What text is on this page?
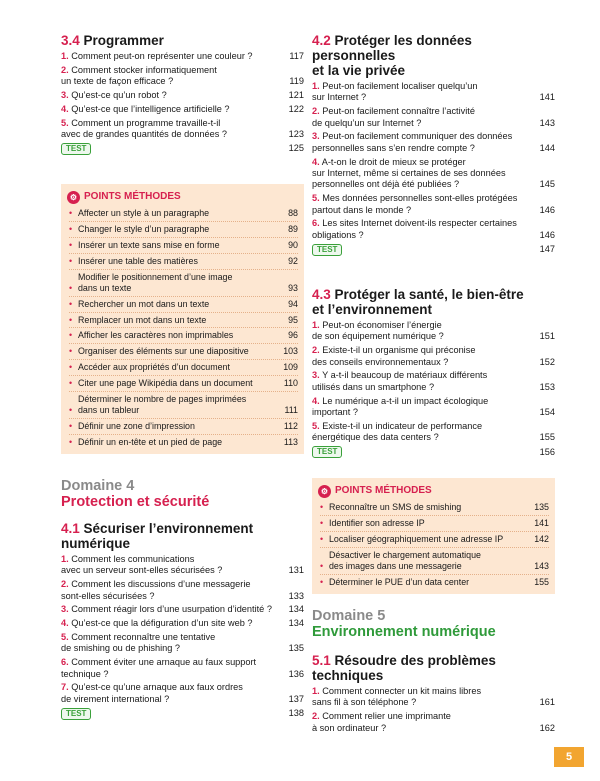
3.4 Programmer
1. Comment peut-on représenter une couleur ?	117
2. Comment stocker informatiquement
un texte de façon efficace ?	119
3. Qu’est-ce qu’un robot ?	121
4. Qu’est-ce que l’intelligence artificielle ?	122
5. Comment un programme travaille-t-il
avec de grandes quantités de données ?	123
TEST	125
⚙ POINTS
MÉTHODES
• Affecter un style à un paragraphe	88
• Changer le style d’un paragraphe	89
• Insérer un texte sans mise en forme	90
• Insérer une table des matières	92
•
Modifier le positionnement d’une image
dans un texte	93
• Rechercher un mot dans un texte	94
• Remplacer un mot dans un texte	95
• Afficher les caractères non imprimables	96
• Organiser des éléments sur une diapositive	103
• Accéder aux propriétés d’un document	109
• Citer une page Wikipédia dans un document	110
•
Déterminer le nombre de pages imprimées
dans un tableur	111
• Définir une zone d’impression	112
• Définir un en-tête et un pied de page	113
Domaine 4
Protection et sécurité
4.1 Sécuriser l’environnement
numérique
1. Comment les communications
avec un serveur sont-elles sécurisées ?	131
2. Comment les discussions d’une messagerie
sont-elles sécurisées ?	133
3. Comment réagir lors d’une usurpation d’identité ?	134
4. Qu’est-ce que la défiguration d’un site web ?	134
5. Comment reconnaître une tentative
de smishing ou de phishing ?	135
6. Comment éviter une arnaque au faux support
technique ?	136
7. Qu’est-ce qu’une arnaque aux faux ordres
de virement international ?	137
TEST	138
4.2 Protéger les données personnelles
et la vie privée
1. Peut-on facilement localiser quelqu’un
sur Internet ?	141
2. Peut-on facilement connaître l’activité
de quelqu’un sur Internet ?	143
3. Peut-on facilement communiquer des données
personnelles sans s’en rendre compte ?	144
4. A-t-on le droit de mieux se protéger
sur Internet, même si certaines de ses données
personnelles ont déjà été publiées ?	145
5. Mes données personnelles sont-elles protégées
partout dans le monde ?	146
6. Les sites Internet doivent-ils respecter certaines
obligations ?	146
TEST	147
4.3 Protéger la santé, le bien-être
et l’environnement
1. Peut-on économiser l’énergie
de son équipement numérique ?	151
2. Existe-t-il un organisme qui préconise
des conseils environnementaux ?	152
3. Y a-t-il beaucoup de matériaux différents
utilisés dans un smartphone ?	153
4. Le numérique a-t-il un impact écologique
important ?	154
5. Existe-t-il un indicateur de performance
énergétique des data centers ?	155
TEST	156
⚙ POINTS
MÉTHODES
• Reconnaître un SMS de smishing	135
• Identifier son adresse IP	141
• Localiser géographiquement une adresse IP	142
•
Désactiver le chargement automatique
des images dans une messagerie	143
• Déterminer le PUE d’un data center	155
Domaine 5
Environnement numérique
5.1 Résoudre des problèmes
techniques
1. Comment connecter un kit mains libres
sans fil à son téléphone ?	161
2. Comment relier une imprimante
à son ordinateur ?	162
5
